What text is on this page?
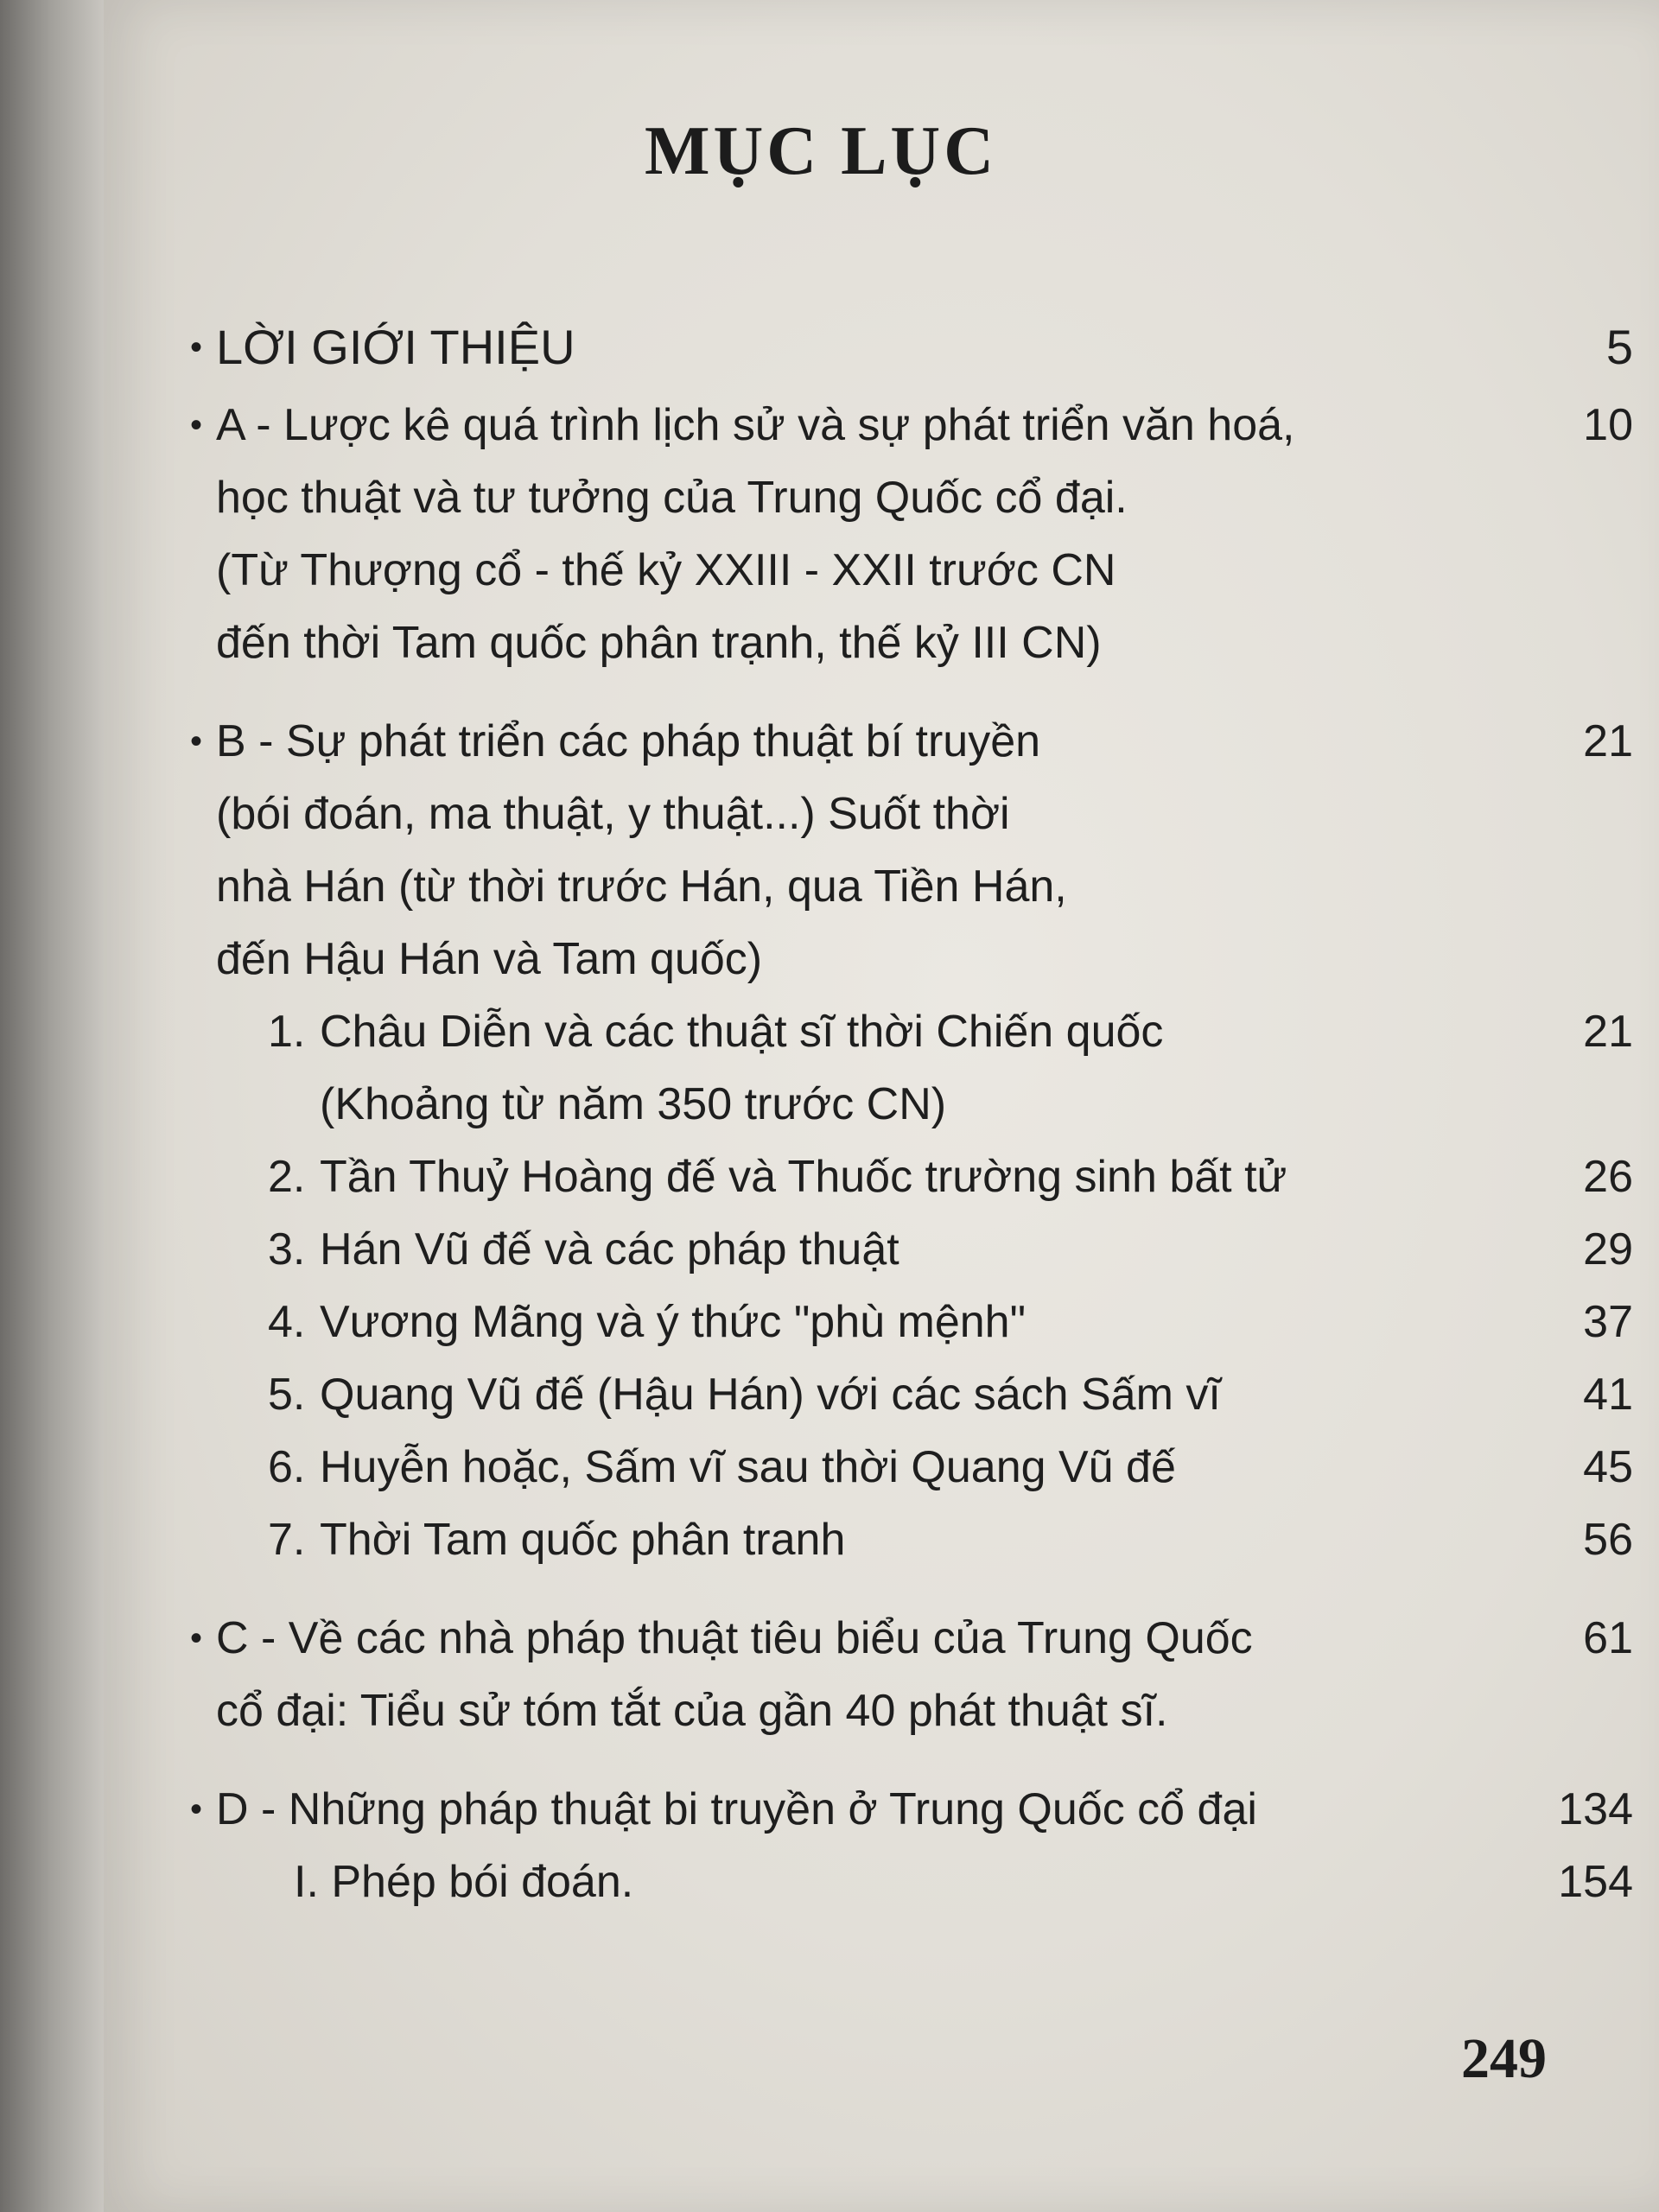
MỤC LỤC
• LỜI GIỚI THIỆU	5
• A - Lược kê quá trình lịch sử và sự phát triển văn hoá,	10
học thuật và tư tưởng của Trung Quốc cổ đại.
(Từ Thượng cổ - thế kỷ XXIII - XXII trước CN
đến thời Tam quốc phân trạnh, thế kỷ III CN)
• B - Sự phát triển các pháp thuật bí truyền	21
(bói đoán, ma thuật, y thuật...) Suốt thời
nhà Hán (từ thời trước Hán, qua Tiền Hán,
đến Hậu Hán và Tam quốc)
1. Châu Diễn và các thuật sĩ thời Chiến quốc	21
(Khoảng từ năm 350 trước CN)
2. Tần Thuỷ Hoàng đế và Thuốc trường sinh bất tử	26
3. Hán Vũ đế và các pháp thuật	29
4. Vương Mãng và ý thức "phù mệnh"	37
5. Quang Vũ đế (Hậu Hán) với các sách Sấm vĩ	41
6. Huyễn hoặc, Sấm vĩ sau thời Quang Vũ đế	45
7. Thời Tam quốc phân tranh	56
• C - Về các nhà pháp thuật tiêu biểu của Trung Quốc	61
cổ đại: Tiểu sử tóm tắt của gần 40 phát thuật sĩ.
• D - Những pháp thuật bi truyền ở Trung Quốc cổ đại	134
I. Phép bói đoán.	154
249
